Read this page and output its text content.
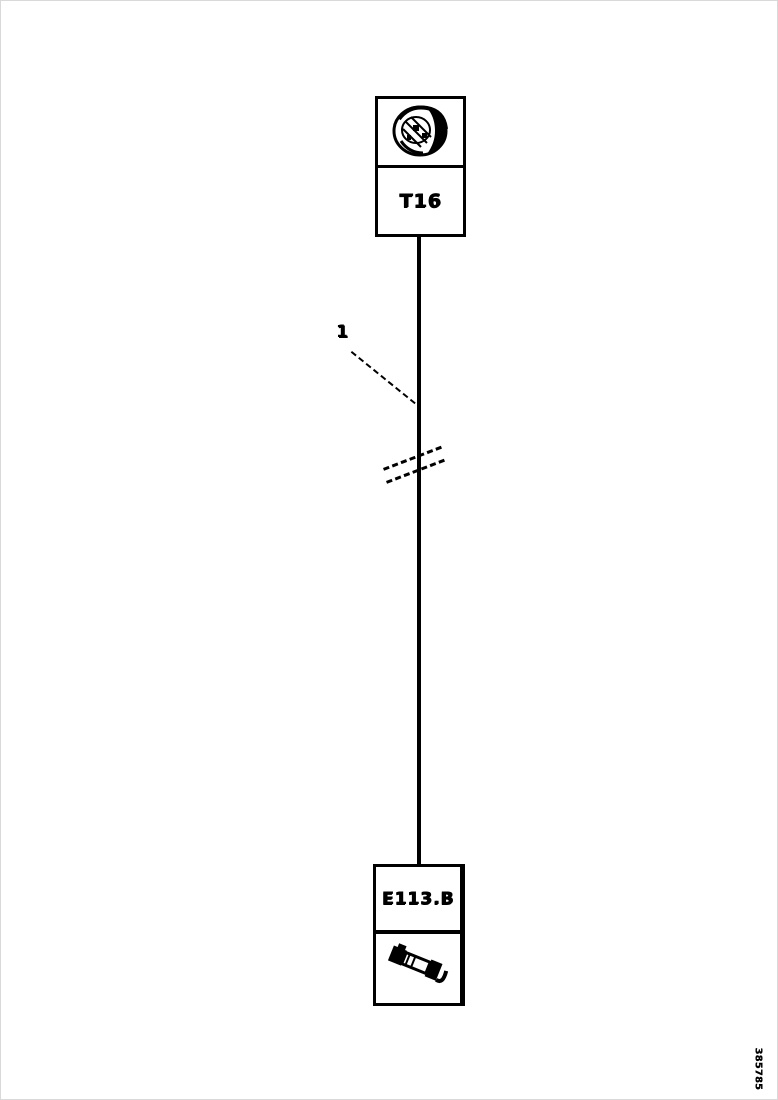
T16
1
E113.B
385785
